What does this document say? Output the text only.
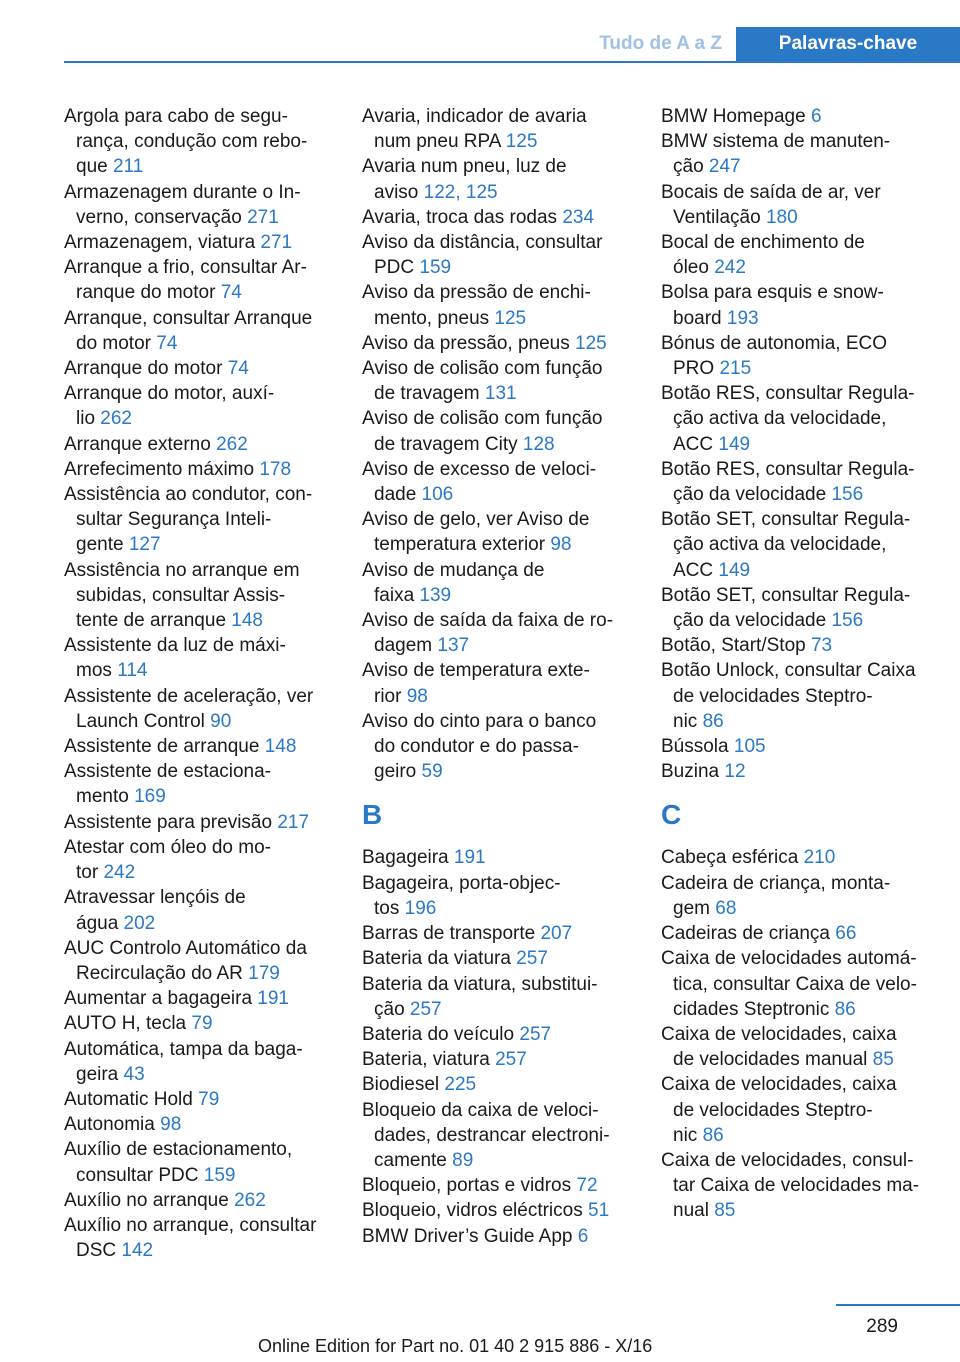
Tudo de A a Z	Palavras-chave
Argola para cabo de segu-
rança, condução com rebo-
que 211
Armazenagem durante o In-
verno, conservação 271
Armazenagem, viatura 271
Arranque a frio, consultar Ar-
ranque do motor 74
Arranque, consultar Arranque
do motor 74
Arranque do motor 74
Arranque do motor, auxí-
lio 262
Arranque externo 262
Arrefecimento máximo 178
Assistência ao condutor, con-
sultar Segurança Inteli-
gente 127
Assistência no arranque em
subidas, consultar Assis-
tente de arranque 148
Assistente da luz de máxi-
mos 114
Assistente de aceleração, ver
Launch Control 90
Assistente de arranque 148
Assistente de estaciona-
mento 169
Assistente para previsão 217
Atestar com óleo do mo-
tor 242
Atravessar lençóis de
água 202
AUC Controlo Automático da
Recirculação do AR 179
Aumentar a bagageira 191
AUTO H, tecla 79
Automática, tampa da baga-
geira 43
Automatic Hold 79
Autonomia 98
Auxílio de estacionamento,
consultar PDC 159
Auxílio no arranque 262
Auxílio no arranque, consultar
DSC 142
Avaria, indicador de avaria
num pneu RPA 125
Avaria num pneu, luz de
aviso 122, 125
Avaria, troca das rodas 234
Aviso da distância, consultar
PDC 159
Aviso da pressão de enchi-
mento, pneus 125
Aviso da pressão, pneus 125
Aviso de colisão com função
de travagem 131
Aviso de colisão com função
de travagem City 128
Aviso de excesso de veloci-
dade 106
Aviso de gelo, ver Aviso de
temperatura exterior 98
Aviso de mudança de
faixa 139
Aviso de saída da faixa de ro-
dagem 137
Aviso de temperatura exte-
rior 98
Aviso do cinto para o banco
do condutor e do passa-
geiro 59
B
Bagageira 191
Bagageira, porta-objec-
tos 196
Barras de transporte 207
Bateria da viatura 257
Bateria da viatura, substitui-
ção 257
Bateria do veículo 257
Bateria, viatura 257
Biodiesel 225
Bloqueio da caixa de veloci-
dades, destrancar electroni-
camente 89
Bloqueio, portas e vidros 72
Bloqueio, vidros eléctricos 51
BMW Driver’s Guide App 6
BMW Homepage 6
BMW sistema de manuten-
ção 247
Bocais de saída de ar, ver
Ventilação 180
Bocal de enchimento de
óleo 242
Bolsa para esquis e snow-
board 193
Bónus de autonomia, ECO
PRO 215
Botão RES, consultar Regula-
ção activa da velocidade,
ACC 149
Botão RES, consultar Regula-
ção da velocidade 156
Botão SET, consultar Regula-
ção activa da velocidade,
ACC 149
Botão SET, consultar Regula-
ção da velocidade 156
Botão, Start/Stop 73
Botão Unlock, consultar Caixa
de velocidades Steptro-
nic 86
Bússola 105
Buzina 12
C
Cabeça esférica 210
Cadeira de criança, monta-
gem 68
Cadeiras de criança 66
Caixa de velocidades automá-
tica, consultar Caixa de velo-
cidades Steptronic 86
Caixa de velocidades, caixa
de velocidades manual 85
Caixa de velocidades, caixa
de velocidades Steptro-
nic 86
Caixa de velocidades, consul-
tar Caixa de velocidades ma-
nual 85
289
Online Edition for Part no. 01 40 2 915 886 - X/16
